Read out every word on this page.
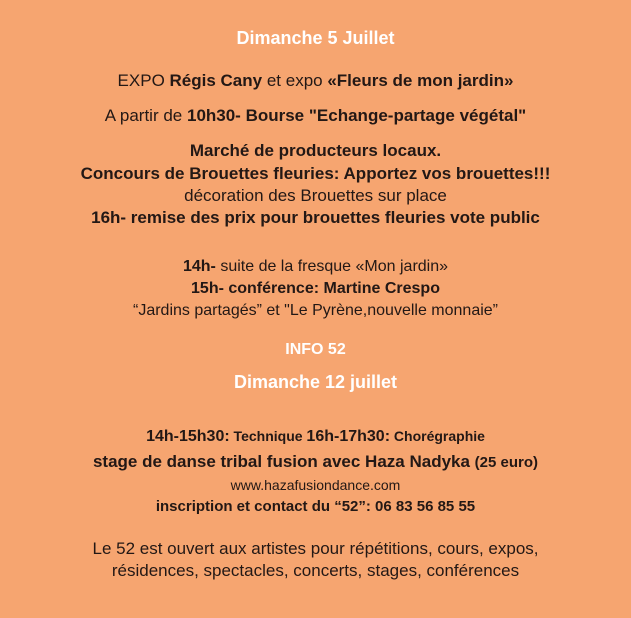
Dimanche 5 Juillet
EXPO Régis Cany et expo «Fleurs de mon jardin»
A partir de 10h30- Bourse "Echange-partage végétal"
Marché de producteurs locaux.
Concours de Brouettes fleuries: Apportez vos brouettes!!!
décoration des Brouettes sur place
16h- remise des prix pour brouettes fleuries vote public
14h- suite de la fresque «Mon jardin»
15h- conférence: Martine Crespo
“Jardins partagés” et "Le Pyrène,nouvelle monnaie”
INFO 52
Dimanche 12 juillet
14h-15h30: Technique 16h-17h30: Chorégraphie
stage de danse tribal fusion avec Haza Nadyka (25 euro)
www.hazafusiondance.com
inscription et contact du “52”: 06 83 56 85 55
Le 52 est ouvert aux artistes pour répétitions, cours, expos,
résidences, spectacles, concerts, stages, conférences
